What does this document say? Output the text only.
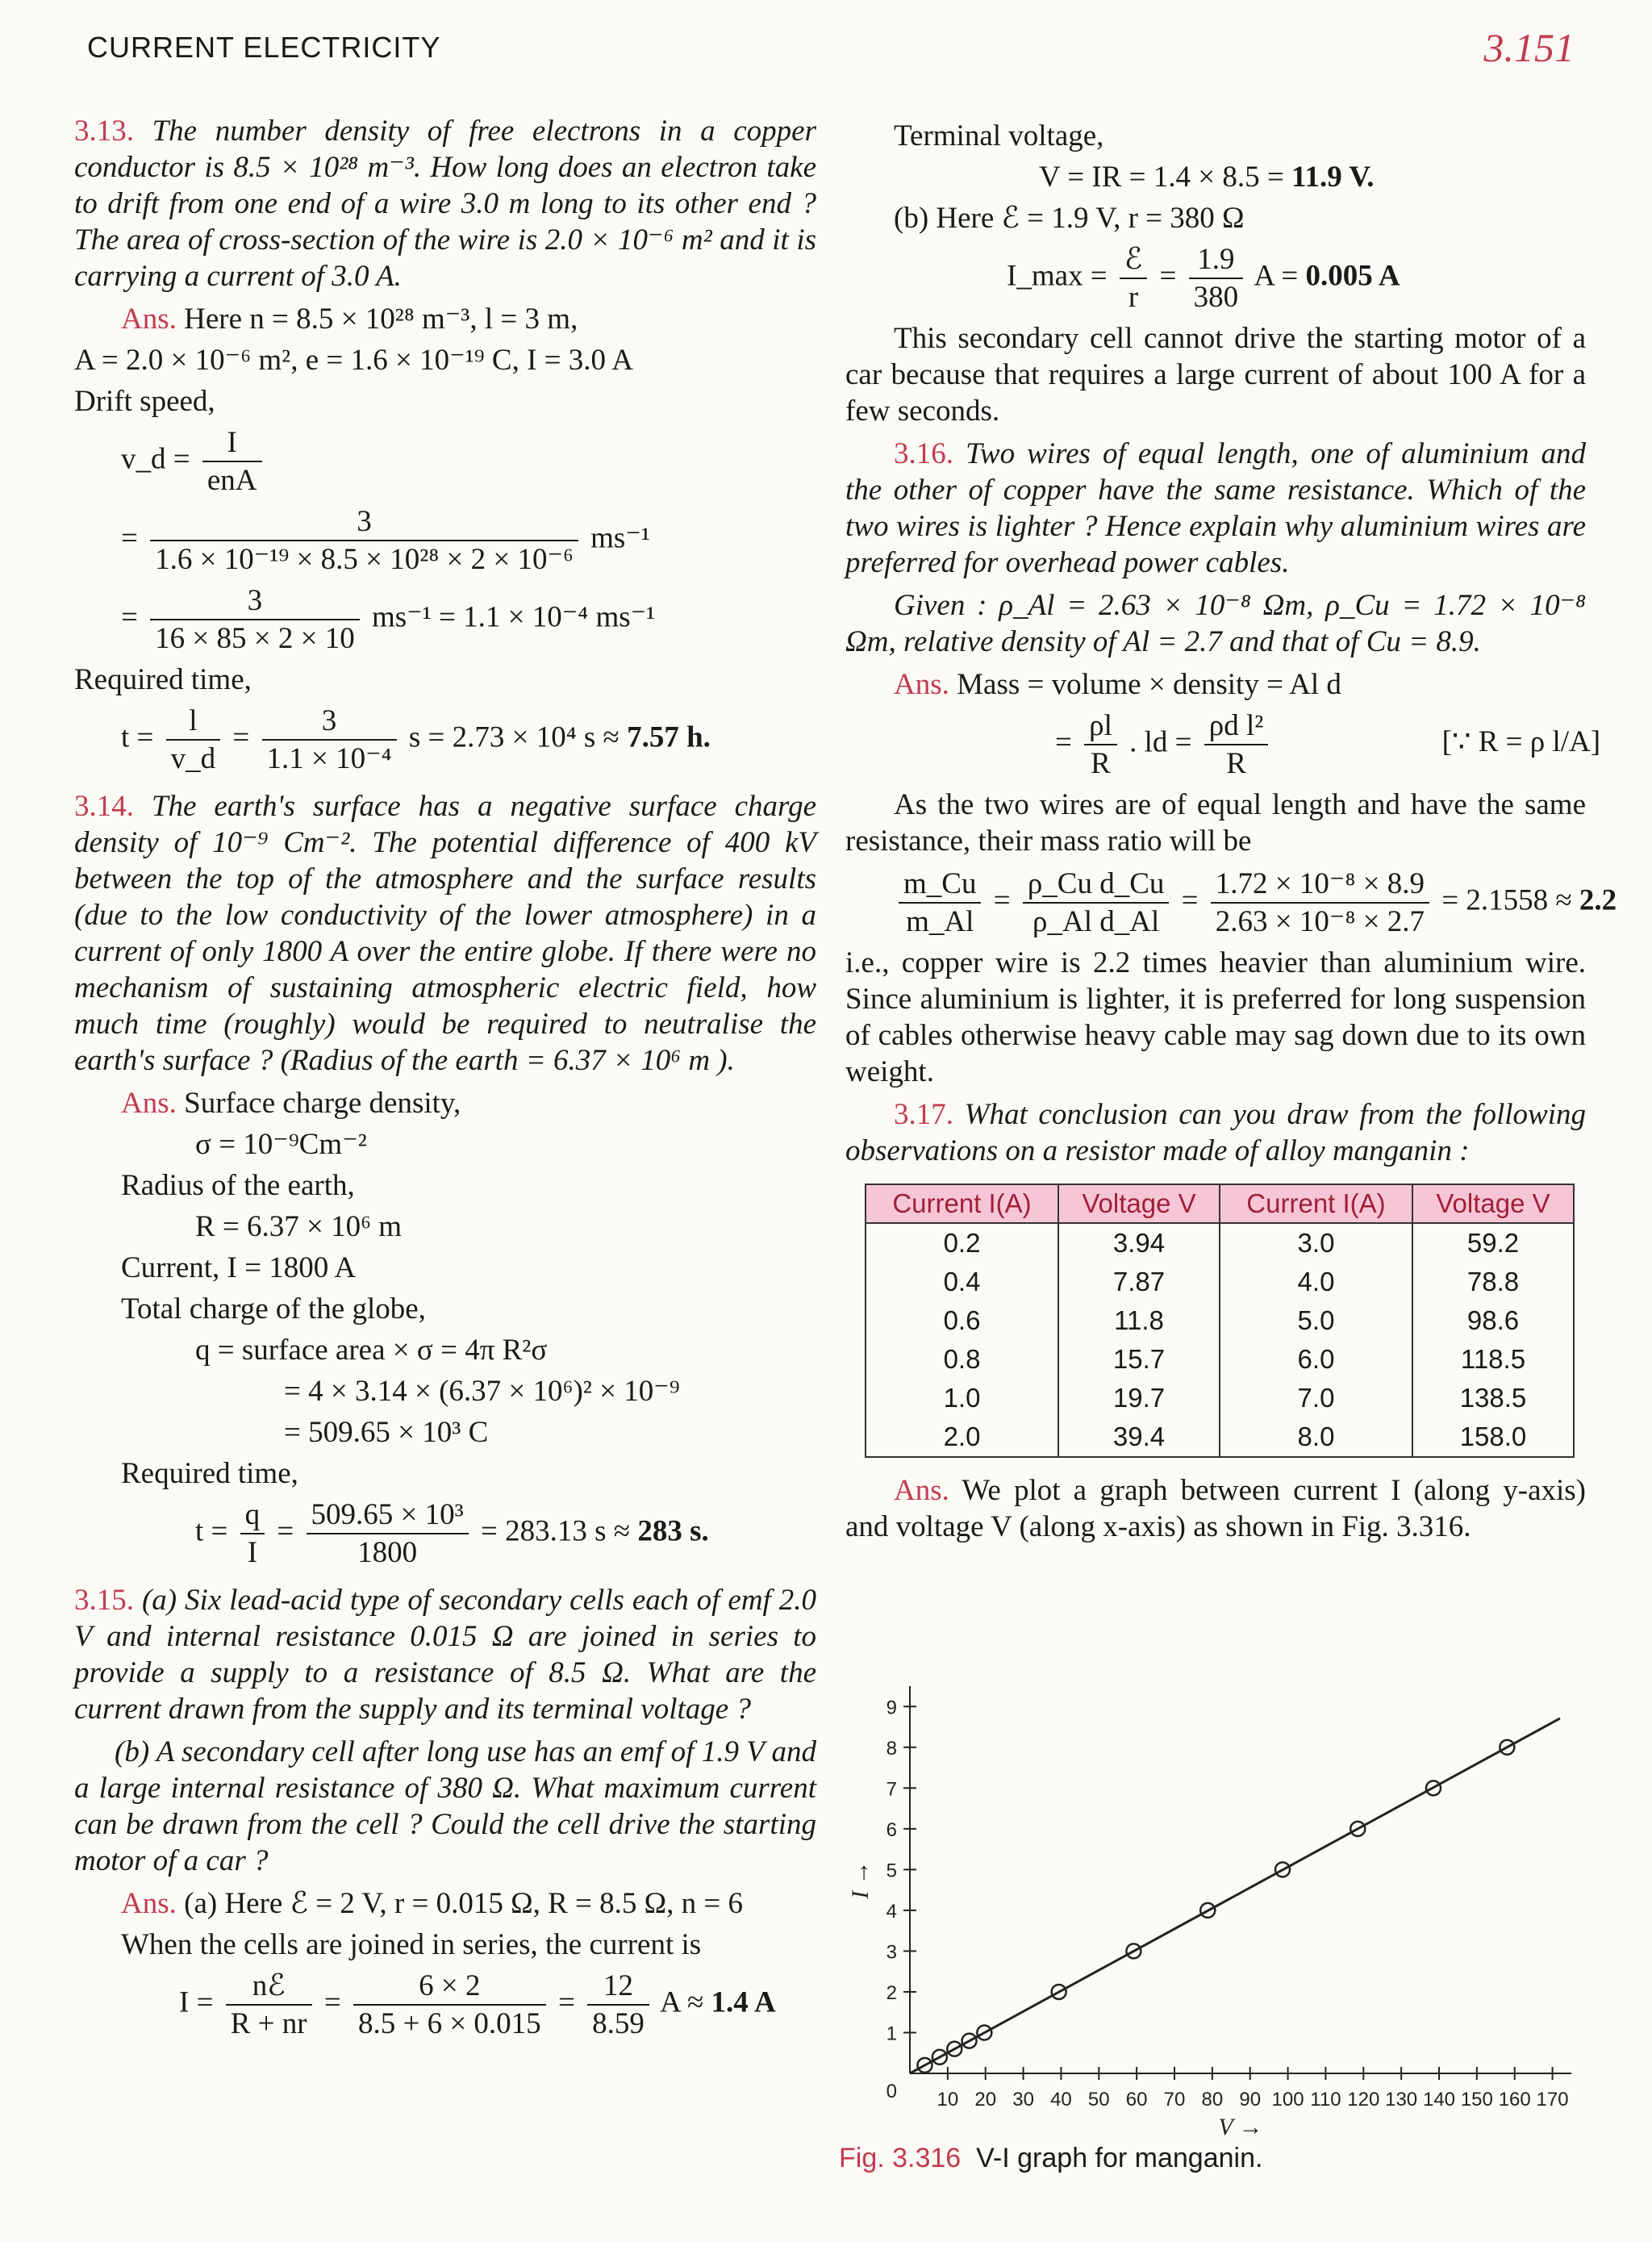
CURRENT ELECTRICITY	3.151

3.13. The number density of free electrons in a copper conductor is 8.5 × 10²⁸ m⁻³. How long does an electron take to drift from one end of a wire 3.0 m long to its other end ? The area of cross-section of the wire is 2.0 × 10⁻⁶ m² and it is carrying a current of 3.0 A.

Ans. Here n = 8.5 × 10²⁸ m⁻³, l = 3 m,
A = 2.0 × 10⁻⁶ m², e = 1.6 × 10⁻¹⁹ C, I = 3.0 A
Drift speed,
v_d = $\frac{I}{\text{enA}}$
= $\frac{3}{\text{1.6 × 10⁻¹⁹ × 8.5 × 10²⁸ × 2 × 10⁻⁶}} ms^{-1}$
= $\frac{3}{16 \times 85 \times 2 \times 10} ms^{-1} = 1.1 \times 10^{-4}$ ms⁻¹
Required time,
$t = \frac{l}{v\_d} = \frac{3}{\text{1.1 × 10⁻⁴}}$ s = 2.73 × 10⁴ s ≈ 7.57 h.

3.14. The earth's surface has a negative surface charge density of 10⁻⁹ Cm⁻². The potential difference of 400 kV between the top of the atmosphere and the surface results (due to the low conductivity of the lower atmosphere) in a current of only 1800 A over the entire globe. If there were no mechanism of sustaining atmospheric electric field, how much time (roughly) would be required to neutralise the earth's surface ? (Radius of the earth = 6.37 × 10⁶ m ).

Ans. Surface charge density,
σ = 10⁻⁹Cm⁻²
Radius of the earth,
R = 6.37 × 10⁶ m
Current, I = 1800 A
Total charge of the globe,
q = surface area × σ = 4π R²σ
= 4 × 3.14 × (6.37 × 10⁶)² × 10⁻⁹
= 509.65 × 10³ C
Required time,
$t = \frac{q}{I} = \frac{\text{509.65 × 10³}}{1800} = 283.13$ s ≈ 283 s.

3.15. (a) Six lead-acid type of secondary cells each of emf 2.0 V and internal resistance 0.015 Ω are joined in series to provide a supply to a resistance of 8.5 Ω. What are the current drawn from the supply and its terminal voltage ?

(b) A secondary cell after long use has an emf of 1.9 V and a large internal resistance of 380 Ω. What maximum current can be drawn from the cell ? Could the cell drive the starting motor of a car ?

Ans. (a) Here ℰ = 2 V, r = 0.015 Ω, R = 8.5 Ω, n = 6
When the cells are joined in series, the current is
$I = \frac{\text{nℰ}}{R + nr} = \frac{6 \times 2}{8.5 + 6 \times 0.015} = \frac{12}{8.59}$ A ≈ 1.4 A
Terminal voltage,
V = IR = 1.4 × 8.5 = 11.9 V.
(b) Here ℰ = 1.9 V, r = 380 Ω
I_max = $\frac{\text{ℰ}}{r} = \frac{1.9}{380}$ A = 0.005 A

This secondary cell cannot drive the starting motor of a car because that requires a large current of about 100 A for a few seconds.

3.16. Two wires of equal length, one of aluminium and the other of copper have the same resistance. Which of the two wires is lighter ? Hence explain why aluminium wires are preferred for overhead power cables.

Given : ρ_Al = 2.63 × 10⁻⁸ Ωm, ρ_Cu = 1.72 × 10⁻⁸ Ωm, relative density of Al = 2.7 and that of Cu = 8.9.

Ans. Mass = volume × density = Al d
= $\frac{\rho l}{R}$ . ld = $\frac{\text{ρd l²}}{R}$	[∵ R = ρ l/A]

As the two wires are of equal length and have the same resistance, their mass ratio will be

$\frac{m\_Cu}{m\_Al} = \frac{\text{ρ\_Cu d\_Cu}}{\text{ρ\_Al d\_Al}} = \frac{\text{1.72 × 10⁻⁸ × 8.9}}{\text{2.63 × 10⁻⁸ × 2.7}} = 2.1558 \approx 2.2$

i.e., copper wire is 2.2 times heavier than aluminium wire. Since aluminium is lighter, it is preferred for long suspension of cables otherwise heavy cable may sag down due to its own weight.

3.17. What conclusion can you draw from the following observations on a resistor made of alloy manganin :

Current I(A)	Voltage V	Current I(A)	Voltage V
0.2	3.94	3.0	59.2
0.4	7.87	4.0	78.8
0.6	11.8	5.0	98.6
0.8	15.7	6.0	118.5
1.0	19.7	7.0	138.5
2.0	39.4	8.0	158.0

Ans. We plot a graph between current I (along y-axis) and voltage V (along x-axis) as shown in Fig. 3.316.

10 20 30 40 50 60 70 80 90 100 110 120 130 140 150 160 170
1
2
3
4
5
6
7
8
9
0
V →
I →
Fig. 3.316 V-I graph for manganin.
